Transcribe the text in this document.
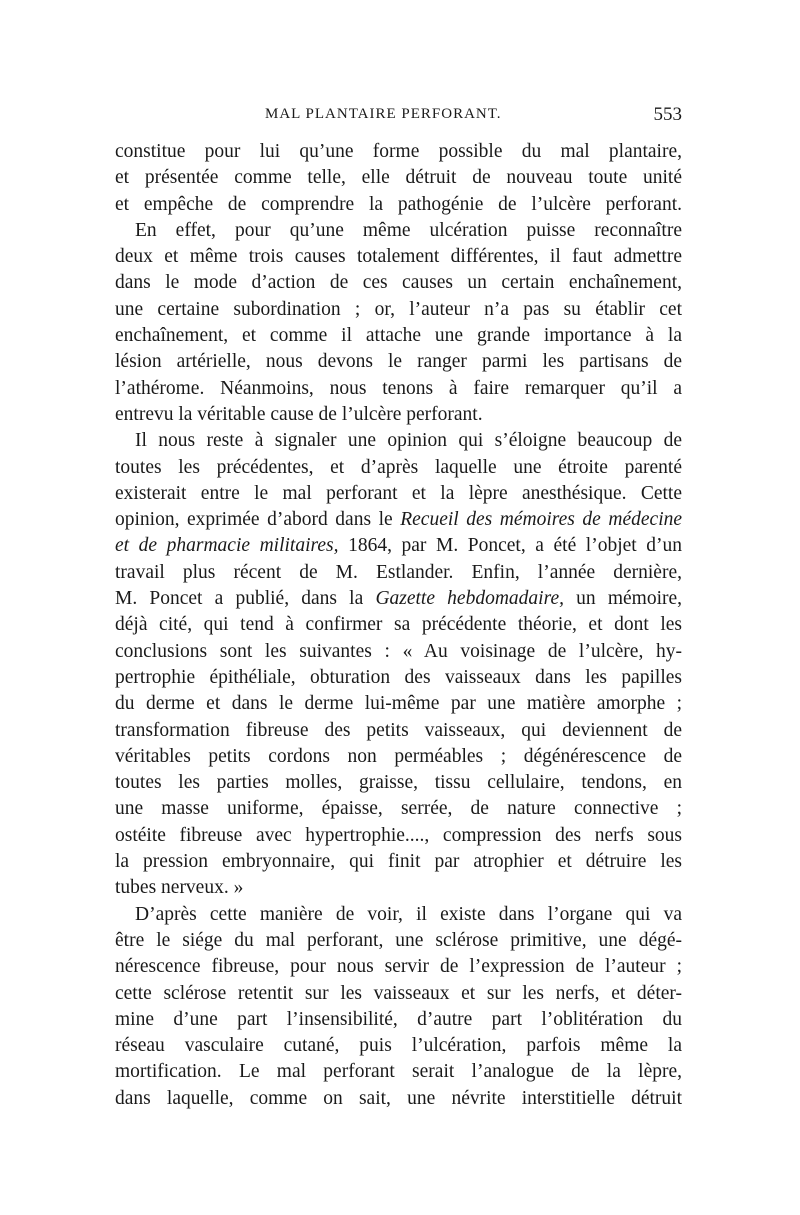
MAL PLANTAIRE PERFORANT.	553
constitue pour lui qu’une forme possible du mal plantaire,
et présentée comme telle, elle détruit de nouveau toute unité
et empêche de comprendre la pathogénie de l’ulcère perforant.
En effet, pour qu’une même ulcération puisse reconnaître
deux et même trois causes totalement différentes, il faut admettre
dans le mode d’action de ces causes un certain enchaînement,
une certaine subordination ; or, l’auteur n’a pas su établir cet
enchaînement, et comme il attache une grande importance à la
lésion artérielle, nous devons le ranger parmi les partisans de
l’athérome. Néanmoins, nous tenons à faire remarquer qu’il a
entrevu la véritable cause de l’ulcère perforant.
Il nous reste à signaler une opinion qui s’éloigne beaucoup de
toutes les précédentes, et d’après laquelle une étroite parenté
existerait entre le mal perforant et la lèpre anesthésique. Cette
opinion, exprimée d’abord dans le Recueil des mémoires de médecine
et de pharmacie militaires, 1864, par M. Poncet, a été l’objet d’un
travail plus récent de M. Estlander. Enfin, l’année dernière,
M. Poncet a publié, dans la Gazette hebdomadaire, un mémoire,
déjà cité, qui tend à confirmer sa précédente théorie, et dont les
conclusions sont les suivantes : « Au voisinage de l’ulcère, hy-
pertrophie épithéliale, obturation des vaisseaux dans les papilles
du derme et dans le derme lui-même par une matière amorphe ;
transformation fibreuse des petits vaisseaux, qui deviennent de
véritables petits cordons non perméables ; dégénérescence de
toutes les parties molles, graisse, tissu cellulaire, tendons, en
une masse uniforme, épaisse, serrée, de nature connective ;
ostéite fibreuse avec hypertrophie...., compression des nerfs sous
la pression embryonnaire, qui finit par atrophier et détruire les
tubes nerveux. »
D’après cette manière de voir, il existe dans l’organe qui va
être le siége du mal perforant, une sclérose primitive, une dégé-
nérescence fibreuse, pour nous servir de l’expression de l’auteur ;
cette sclérose retentit sur les vaisseaux et sur les nerfs, et déter-
mine d’une part l’insensibilité, d’autre part l’oblitération du
réseau vasculaire cutané, puis l’ulcération, parfois même la
mortification. Le mal perforant serait l’analogue de la lèpre,
dans laquelle, comme on sait, une névrite interstitielle détruit
